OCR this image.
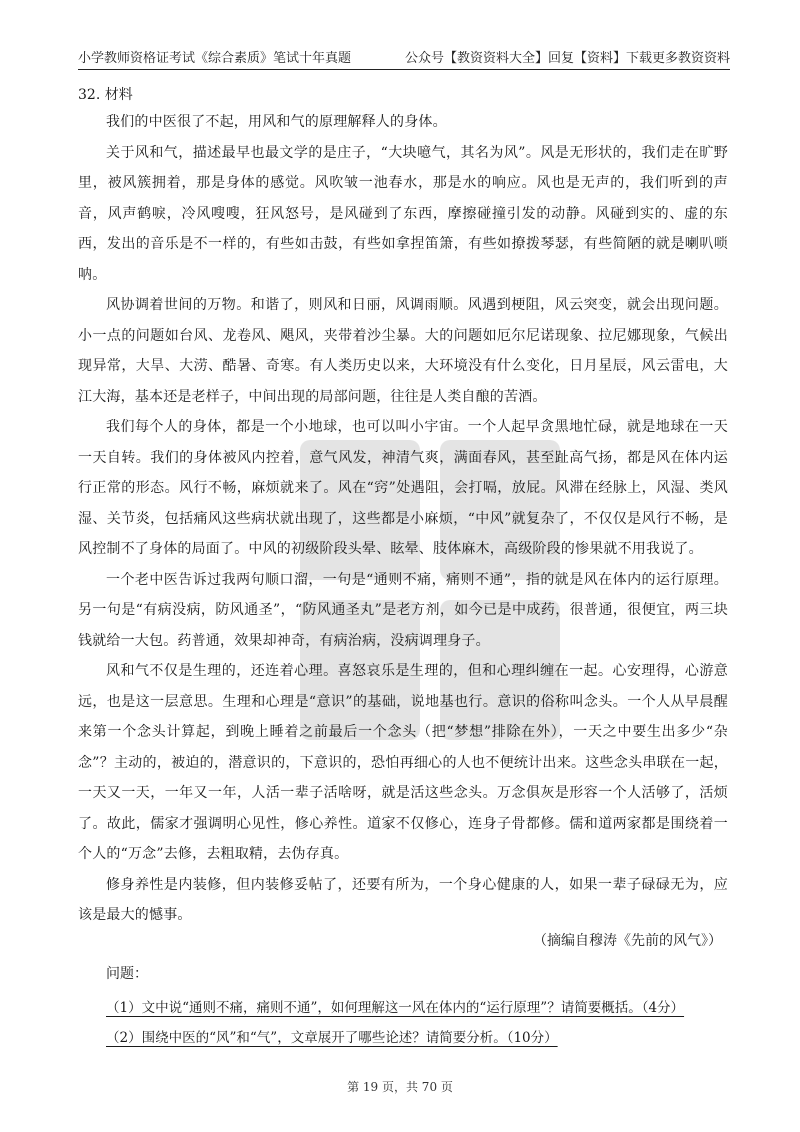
小学教师资格证考试《综合素质》笔试十年真题	公众号【教资资料大全】回复【资料】下载更多教资资料
32. 材料

我们的中医很了不起，用风和气的原理解释人的身体。

关于风和气，描述最早也最文学的是庄子，“大块噫气，其名为风”。风是无形状的，我们走在旷野里，被风簇拥着，那是身体的感觉。风吹皱一池春水，那是水的响应。风也是无声的，我们听到的声音，风声鹤唳，冷风嗖嗖，狂风怒号，是风碰到了东西，摩擦碰撞引发的动静。风碰到实的、虚的东西，发出的音乐是不一样的，有些如击鼓，有些如拿捏笛箫，有些如撩拨琴瑟，有些简陋的就是喇叭唢呐。

风协调着世间的万物。和谐了，则风和日丽，风调雨顺。风遇到梗阻，风云突变，就会出现问题。小一点的问题如台风、龙卷风、飓风，夹带着沙尘暴。大的问题如厄尔尼诺现象、拉尼娜现象，气候出现异常，大旱、大涝、酷暑、奇寒。有人类历史以来，大环境没有什么变化，日月星辰，风云雷电，大江大海，基本还是老样子，中间出现的局部问题，往往是人类自酿的苦酒。

我们每个人的身体，都是一个小地球，也可以叫小宇宙。一个人起早贪黑地忙碌，就是地球在一天一天自转。我们的身体被风内控着，意气风发，神清气爽，满面春风，甚至趾高气扬，都是风在体内运行正常的形态。风行不畅，麻烦就来了。风在“窍”处遇阻，会打嗝，放屁。风滞在经脉上，风湿、类风湿、关节炎，包括痛风这些病状就出现了，这些都是小麻烦，“中风”就复杂了，不仅仅是风行不畅，是风控制不了身体的局面了。中风的初级阶段头晕、眩晕、肢体麻木，高级阶段的惨果就不用我说了。

一个老中医告诉过我两句顺口溜，一句是“通则不痛，痛则不通”，指的就是风在体内的运行原理。另一句是“有病没病，防风通圣”，“防风通圣丸”是老方剂，如今已是中成药，很普通，很便宜，两三块钱就给一大包。药普通，效果却神奇，有病治病，没病调理身子。

风和气不仅是生理的，还连着心理。喜怒哀乐是生理的，但和心理纠缠在一起。心安理得，心游意远，也是这一层意思。生理和心理是“意识”的基础，说地基也行。意识的俗称叫念头。一个人从早晨醒来第一个念头计算起，到晚上睡着之前最后一个念头（把“梦想”排除在外），一天之中要生出多少“杂念”？主动的，被迫的，潜意识的，下意识的，恐怕再细心的人也不便统计出来。这些念头串联在一起，一天又一天，一年又一年，人活一辈子活啥呀，就是活这些念头。万念俱灰是形容一个人活够了，活烦了。故此，儒家才强调明心见性，修心养性。道家不仅修心，连身子骨都修。儒和道两家都是围绕着一个人的“万念”去修，去粗取精，去伪存真。

修身养性是内装修，但内装修妥帖了，还要有所为，一个身心健康的人，如果一辈子碌碌无为，应该是最大的憾事。

（摘编自穆涛《先前的风气》）
问题：
（1）文中说“通则不痛，痛则不通”，如何理解这一风在体内的“运行原理”？请简要概括。（4分）
（2）围绕中医的“风”和“气”，文章展开了哪些论述？请简要分析。（10分）
第 19 页，共 70 页
